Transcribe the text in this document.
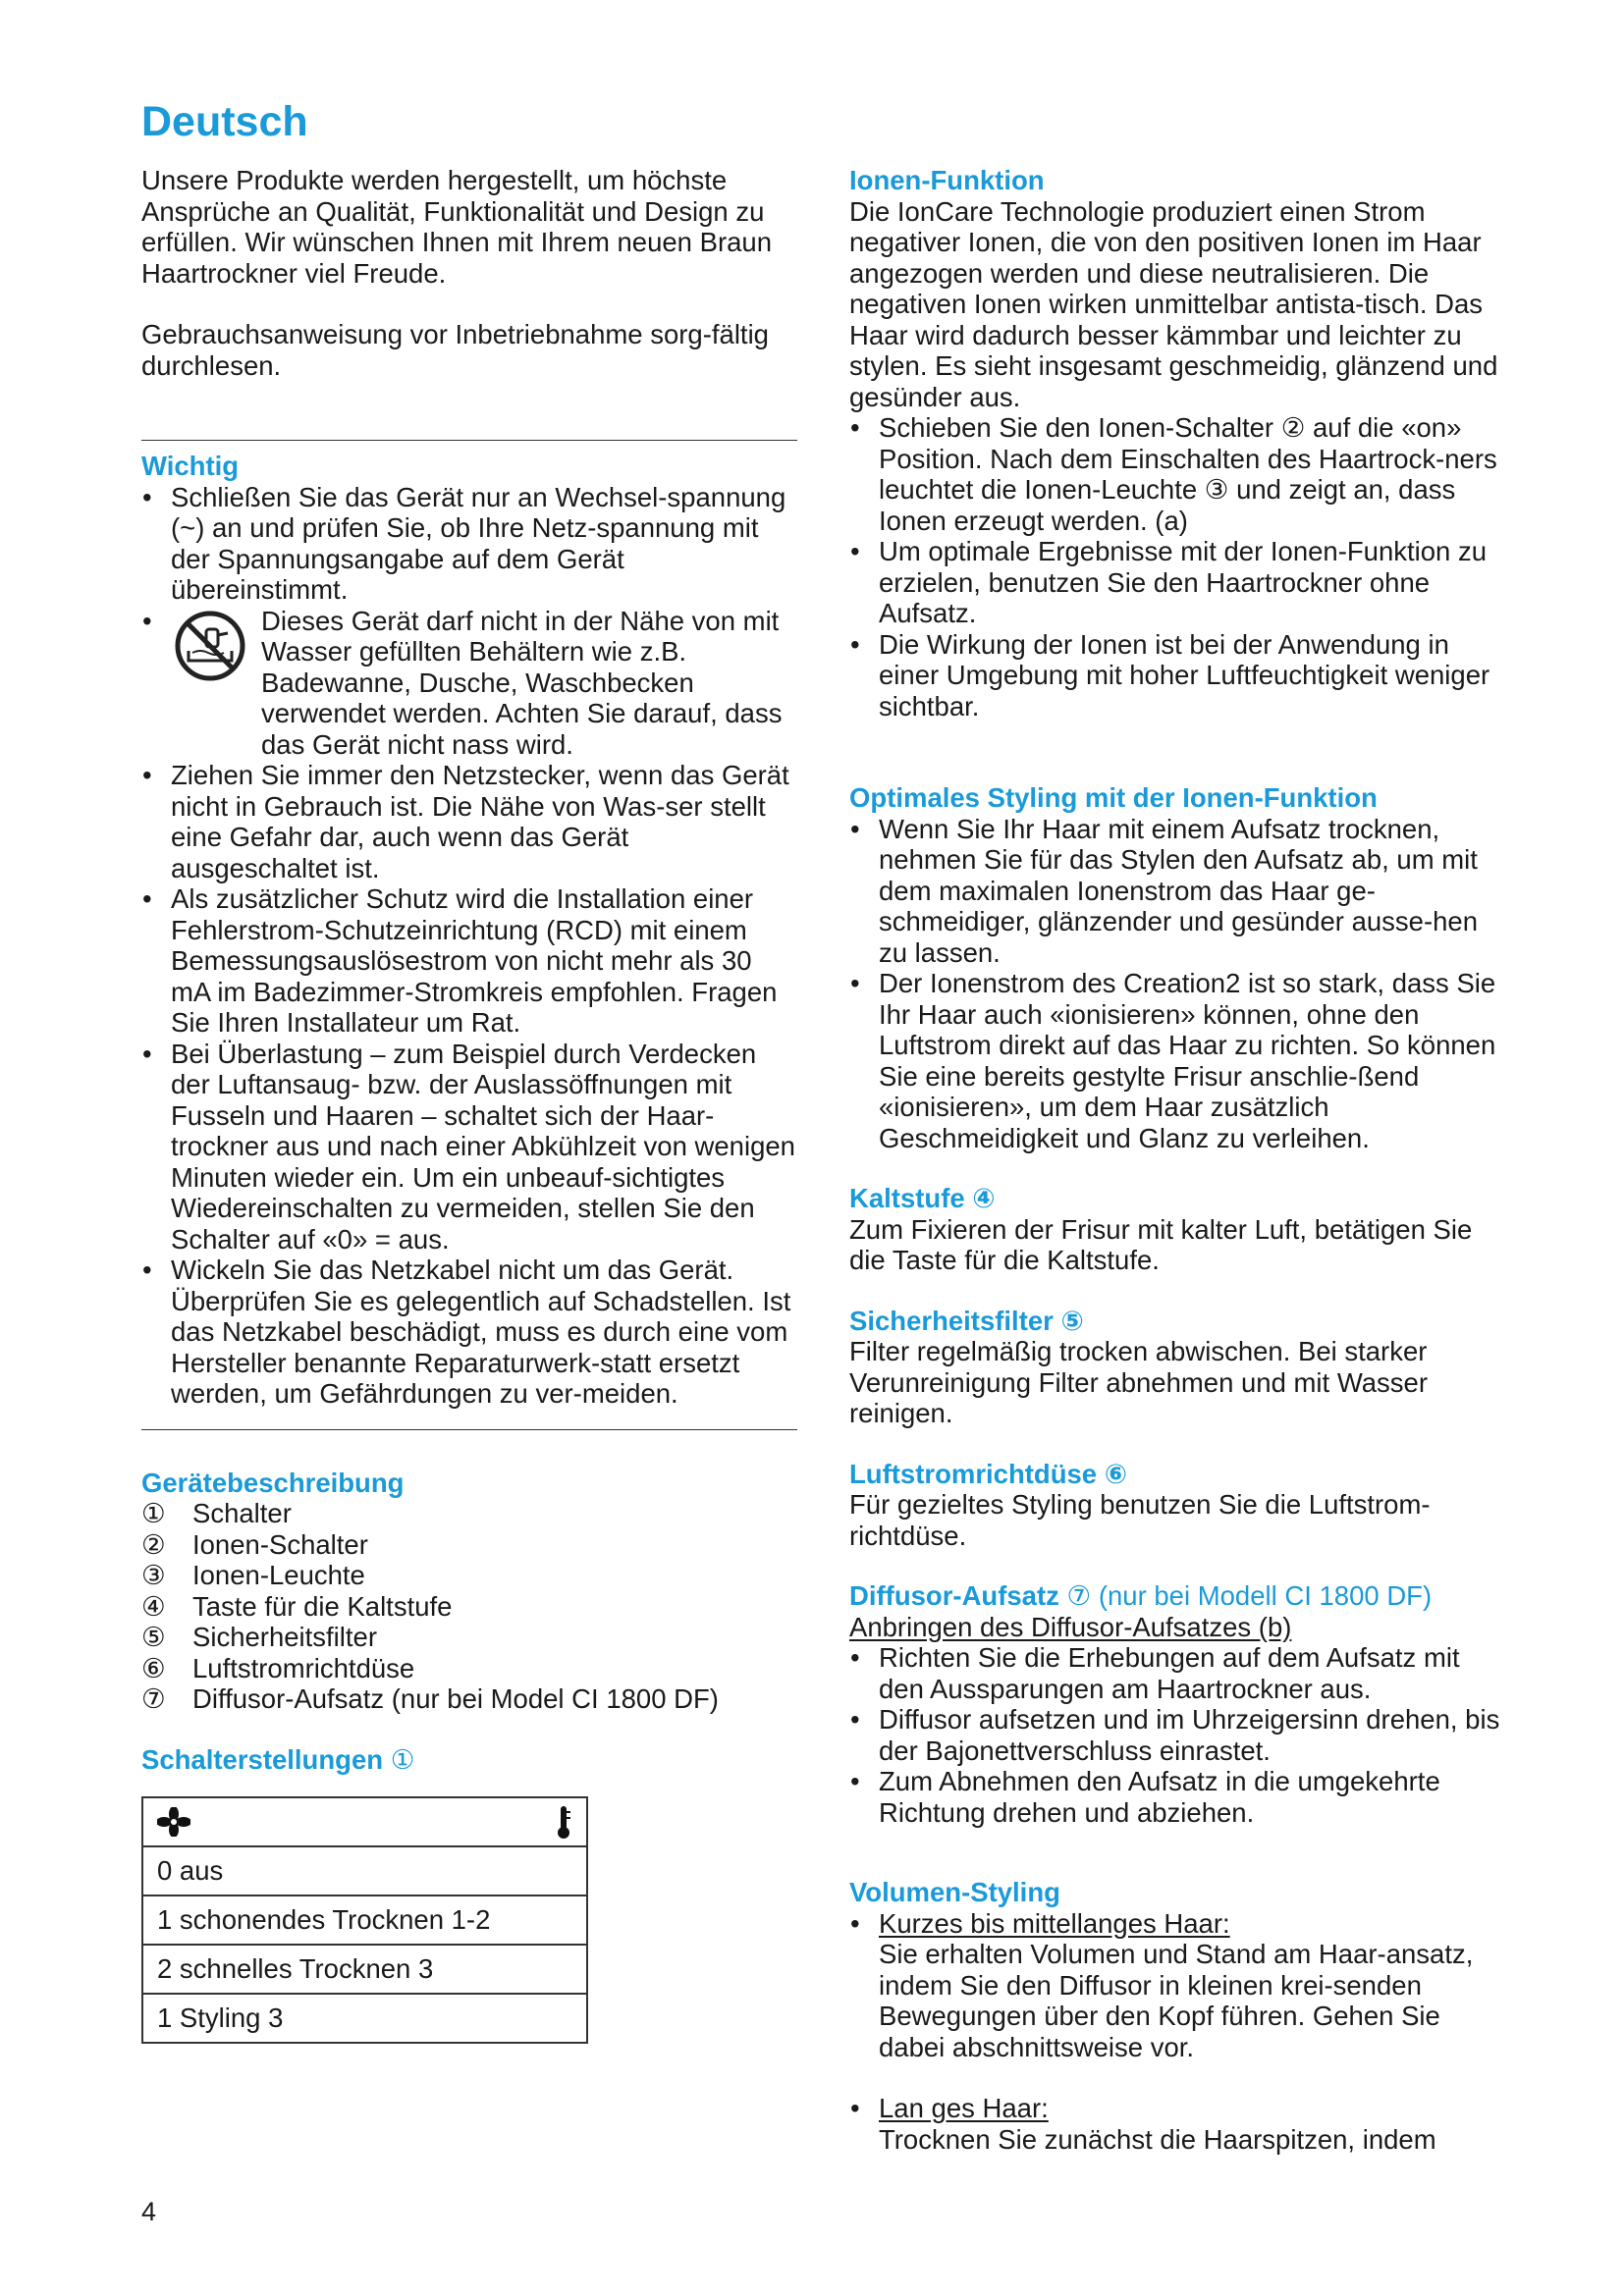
Deutsch

Unsere Produkte werden hergestellt, um höchste Ansprüche an Qualität, Funktionalität und Design zu erfüllen. Wir wünschen Ihnen mit Ihrem neuen Braun Haartrockner viel Freude.

Gebrauchsanweisung vor Inbetriebnahme sorg-fältig durchlesen.

Wichtig
• Schließen Sie das Gerät nur an Wechsel-spannung (~) an und prüfen Sie, ob Ihre Netz-spannung mit der Spannungsangabe auf dem Gerät übereinstimmt.
• Dieses Gerät darf nicht in der Nähe von mit Wasser gefüllten Behältern wie z.B. Badewanne, Dusche, Waschbecken verwendet werden. Achten Sie darauf, dass das Gerät nicht nass wird.
• Ziehen Sie immer den Netzstecker, wenn das Gerät nicht in Gebrauch ist. Die Nähe von Was-ser stellt eine Gefahr dar, auch wenn das Gerät ausgeschaltet ist.
• Als zusätzlicher Schutz wird die Installation einer Fehlerstrom-Schutzeinrichtung (RCD) mit einem Bemessungsauslösestrom von nicht mehr als 30 mA im Badezimmer-Stromkreis empfohlen. Fragen Sie Ihren Installateur um Rat.
• Bei Überlastung – zum Beispiel durch Verdecken der Luftansaug- bzw. der Auslassöffnungen mit Fusseln und Haaren – schaltet sich der Haar-trockner aus und nach einer Abkühlzeit von wenigen Minuten wieder ein. Um ein unbeauf-sichtigtes Wiedereinschalten zu vermeiden, stellen Sie den Schalter auf «0» = aus.
• Wickeln Sie das Netzkabel nicht um das Gerät. Überprüfen Sie es gelegentlich auf Schadstellen. Ist das Netzkabel beschädigt, muss es durch eine vom Hersteller benannte Reparaturwerk-statt ersetzt werden, um Gefährdungen zu ver-meiden.
Gerätebeschreibung
① Schalter
② Ionen-Schalter
③ Ionen-Leuchte
④ Taste für die Kaltstufe
⑤ Sicherheitsfilter
⑥ Luftstromrichtdüse
⑦ Diffusor-Aufsatz (nur bei Model CI 1800 DF)
Schalterstellungen ①

0 aus
1 schonendes Trocknen 1-2
2 schnelles Trocknen 3
1 Styling 3
Ionen-Funktion

Die IonCare Technologie produziert einen Strom negativer Ionen, die von den positiven Ionen im Haar angezogen werden und diese neutralisieren. Die negativen Ionen wirken unmittelbar antista-tisch. Das Haar wird dadurch besser kämmbar und leichter zu stylen. Es sieht insgesamt geschmeidig, glänzend und gesünder aus.

• Schieben Sie den Ionen-Schalter ② auf die «on» Position. Nach dem Einschalten des Haartrock-ners leuchtet die Ionen-Leuchte ③ und zeigt an, dass Ionen erzeugt werden. (a)
• Um optimale Ergebnisse mit der Ionen-Funktion zu erzielen, benutzen Sie den Haartrockner ohne Aufsatz.
• Die Wirkung der Ionen ist bei der Anwendung in einer Umgebung mit hoher Luftfeuchtigkeit weniger sichtbar.
Optimales Styling mit der Ionen-Funktion
• Wenn Sie Ihr Haar mit einem Aufsatz trocknen, nehmen Sie für das Stylen den Aufsatz ab, um mit dem maximalen Ionenstrom das Haar ge-schmeidiger, glänzender und gesünder ausse-hen zu lassen.
• Der Ionenstrom des Creation2 ist so stark, dass Sie Ihr Haar auch «ionisieren» können, ohne den Luftstrom direkt auf das Haar zu richten. So können Sie eine bereits gestylte Frisur anschlie-ßend «ionisieren», um dem Haar zusätzlich Geschmeidigkeit und Glanz zu verleihen.
Kaltstufe ④

Zum Fixieren der Frisur mit kalter Luft, betätigen Sie die Taste für die Kaltstufe.

Sicherheitsfilter ⑤

Filter regelmäßig trocken abwischen. Bei starker Verunreinigung Filter abnehmen und mit Wasser reinigen.

Luftstromrichtdüse ⑥

Für gezieltes Styling benutzen Sie die Luftstrom-richtdüse.

Diffusor-Aufsatz ⑦ (nur bei Modell CI 1800 DF)

Anbringen des Diffusor-Aufsatzes (b)

• Richten Sie die Erhebungen auf dem Aufsatz mit den Aussparungen am Haartrockner aus.
• Diffusor aufsetzen und im Uhrzeigersinn drehen, bis der Bajonettverschluss einrastet.
• Zum Abnehmen den Aufsatz in die umgekehrte Richtung drehen und abziehen.
Volumen-Styling
• Kurzes bis mittellanges Haar:
Sie erhalten Volumen und Stand am Haar-ansatz, indem Sie den Diffusor in kleinen krei-senden Bewegungen über den Kopf führen. Gehen Sie dabei abschnittsweise vor.
• Lan ges Haar:
Trocknen Sie zunächst die Haarspitzen, indem
4
